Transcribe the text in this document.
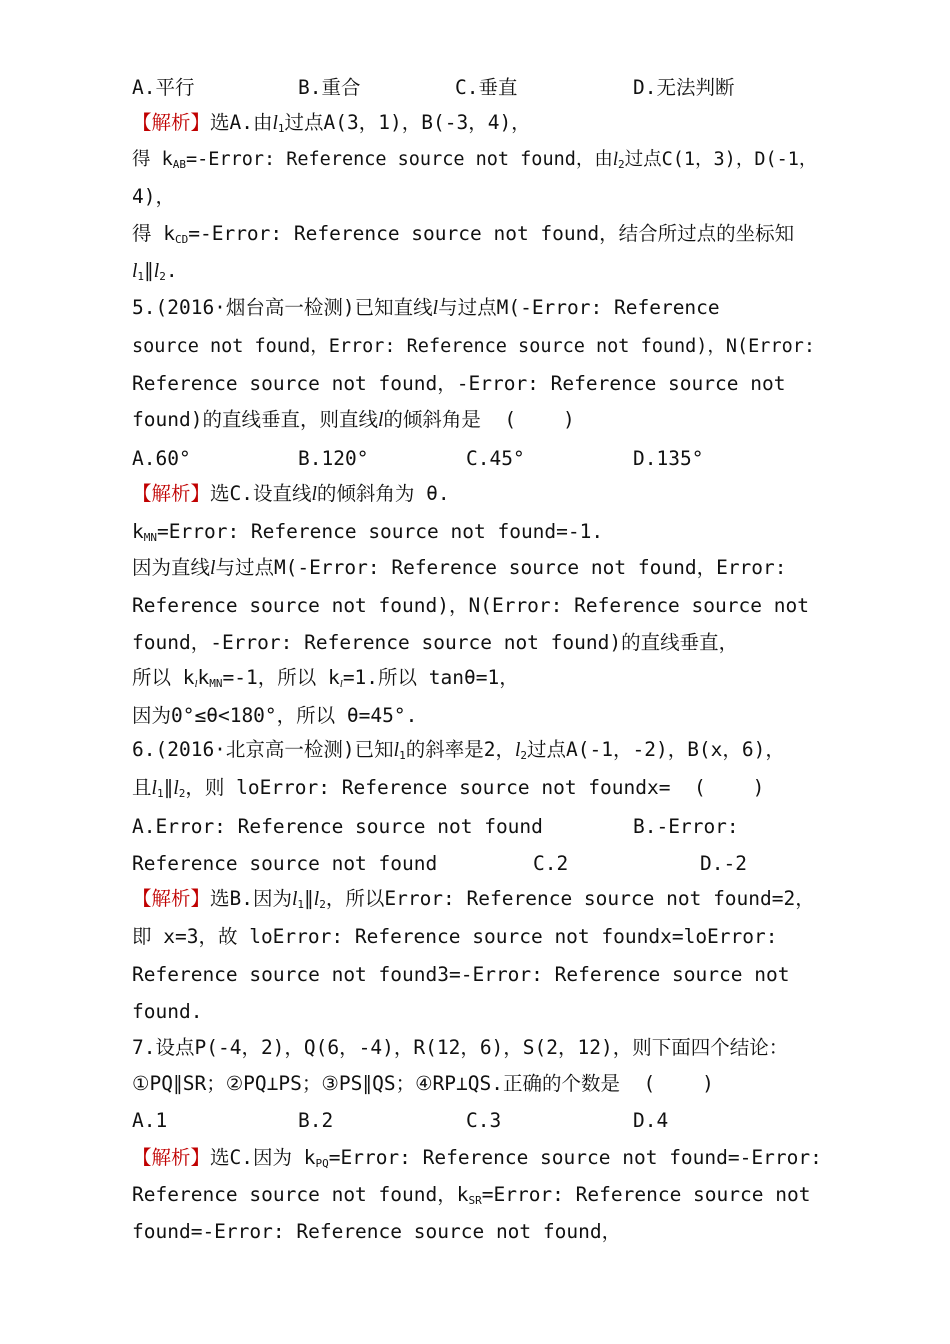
A.平行	B.重合	C.垂直	D.无法判断
【解析】选A.由$l_1$过点A(3，1)，B(-3，4)，
得 $k_{AB}=$-Error: Reference source not found，由$l_2$过点C(1，3)，D(-1，
4)，
得 $k_{CD}=$-Error: Reference source not found，结合所过点的坐标知
$l_1\parallel l_2$.
5.(2016·烟台高一检测)已知直线l与过点M(-Error: Reference
source not found，Error: Reference source not found)，N(Error:
Reference source not found，-Error: Reference source not
found)的直线垂直，则直线l的倾斜角是  (    )
A.60°	B.120°	C.45°	D.135°
【解析】选C.设直线l的倾斜角为 θ.
$k_{MN}=Error$: Reference source not found=-1.
因为直线l与过点M(-Error: Reference source not found，Error:
Reference source not found)，N(Error: Reference source not
found，-Error: Reference source not found)的直线垂直，
所以 $k_lk_{MN}=-1$，所以 $k_l=1$.所以 tanθ=1，
因为0°≤θ<180°，所以 θ=45°.
6.(2016·北京高一检测)已知$l_1$的斜率是2，$l_2$过点A(-1，-2)，B(x，6)，
且$l_1\parallel l_2$，则 loError: Reference source not foundx=  (    )
A.Error: Reference source not found	B.-Error:
Reference source not found	C.2	D.-2
【解析】选B.因为$l_1\parallel l_2$，所以Error: Reference source not found=2，
即 x=3，故 loError: Reference source not foundx=loError:
Reference source not found3=-Error: Reference source not
found.
7.设点P(-4，2)，Q(6，-4)，R(12，6)，S(2，12)，则下面四个结论：
①PQ∥SR；②PQ⊥PS；③PS∥QS；④RP⊥QS.正确的个数是  (    )
A.1	B.2	C.3	D.4
【解析】选C.因为 $k_{PQ}=Error$: Reference source not found=-Error:
Reference source not found，$k_{SR}=Error$: Reference source not
found=-Error: Reference source not found，
